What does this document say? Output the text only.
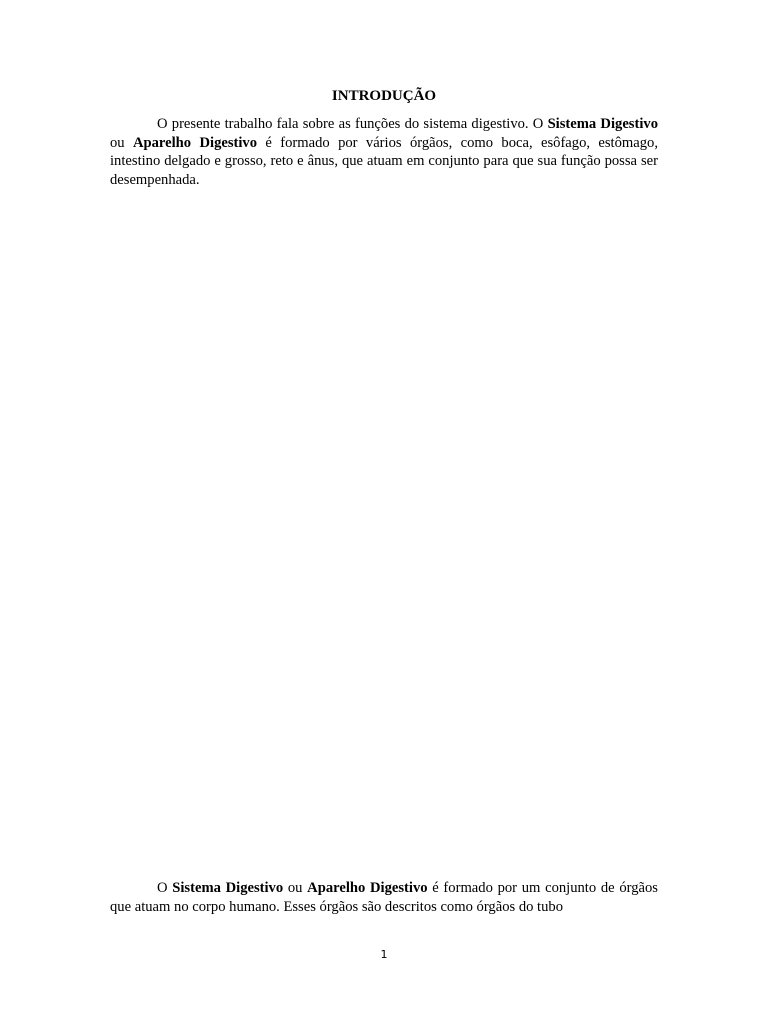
INTRODUÇÃO

O presente trabalho fala sobre as funções do sistema digestivo. O Sistema Digestivo ou Aparelho Digestivo é formado por vários órgãos, como boca, esôfago, estômago, intestino delgado e grosso, reto e ânus, que atuam em conjunto para que sua função possa ser desempenhada.

O Sistema Digestivo ou Aparelho Digestivo é formado por um conjunto de órgãos que atuam no corpo humano. Esses órgãos são descritos como órgãos do tubo

1
